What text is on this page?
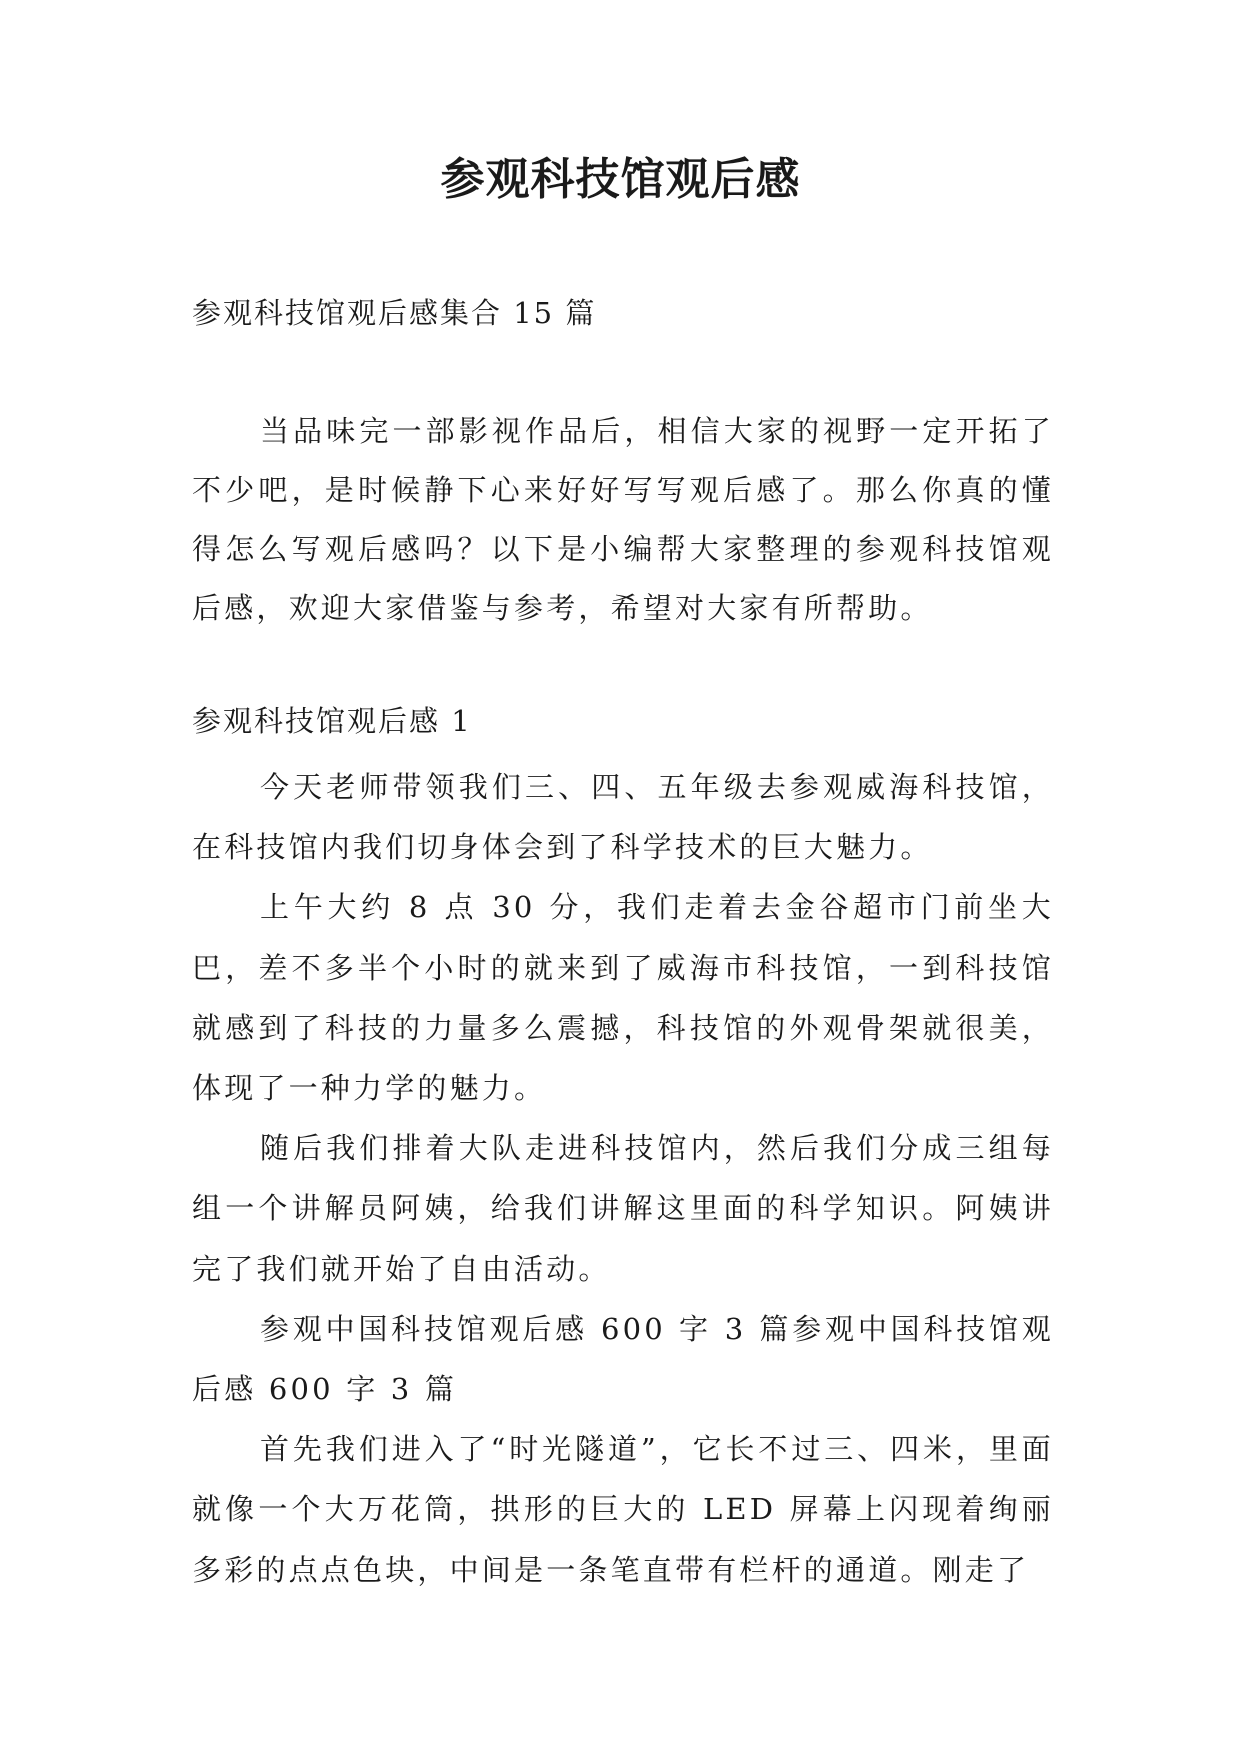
参观科技馆观后感

参观科技馆观后感集合 15 篇

当品味完一部影视作品后，相信大家的视野一定开拓了不少吧，是时候静下心来好好写写观后感了。那么你真的懂得怎么写观后感吗？以下是小编帮大家整理的参观科技馆观后感，欢迎大家借鉴与参考，希望对大家有所帮助。

参观科技馆观后感 1

今天老师带领我们三、四、五年级去参观威海科技馆，在科技馆内我们切身体会到了科学技术的巨大魅力。

上午大约 8 点 30 分，我们走着去金谷超市门前坐大巴，差不多半个小时的就来到了威海市科技馆，一到科技馆就感到了科技的力量多么震撼，科技馆的外观骨架就很美，体现了一种力学的魅力。

随后我们排着大队走进科技馆内，然后我们分成三组每组一个讲解员阿姨，给我们讲解这里面的科学知识。阿姨讲完了我们就开始了自由活动。

参观中国科技馆观后感 600 字 3 篇参观中国科技馆观后感 600 字 3 篇

首先我们进入了“时光隧道”，它长不过三、四米，里面就像一个大万花筒，拱形的巨大的 LED 屏幕上闪现着绚丽多彩的点点色块，中间是一条笔直带有栏杆的通道。刚走了
